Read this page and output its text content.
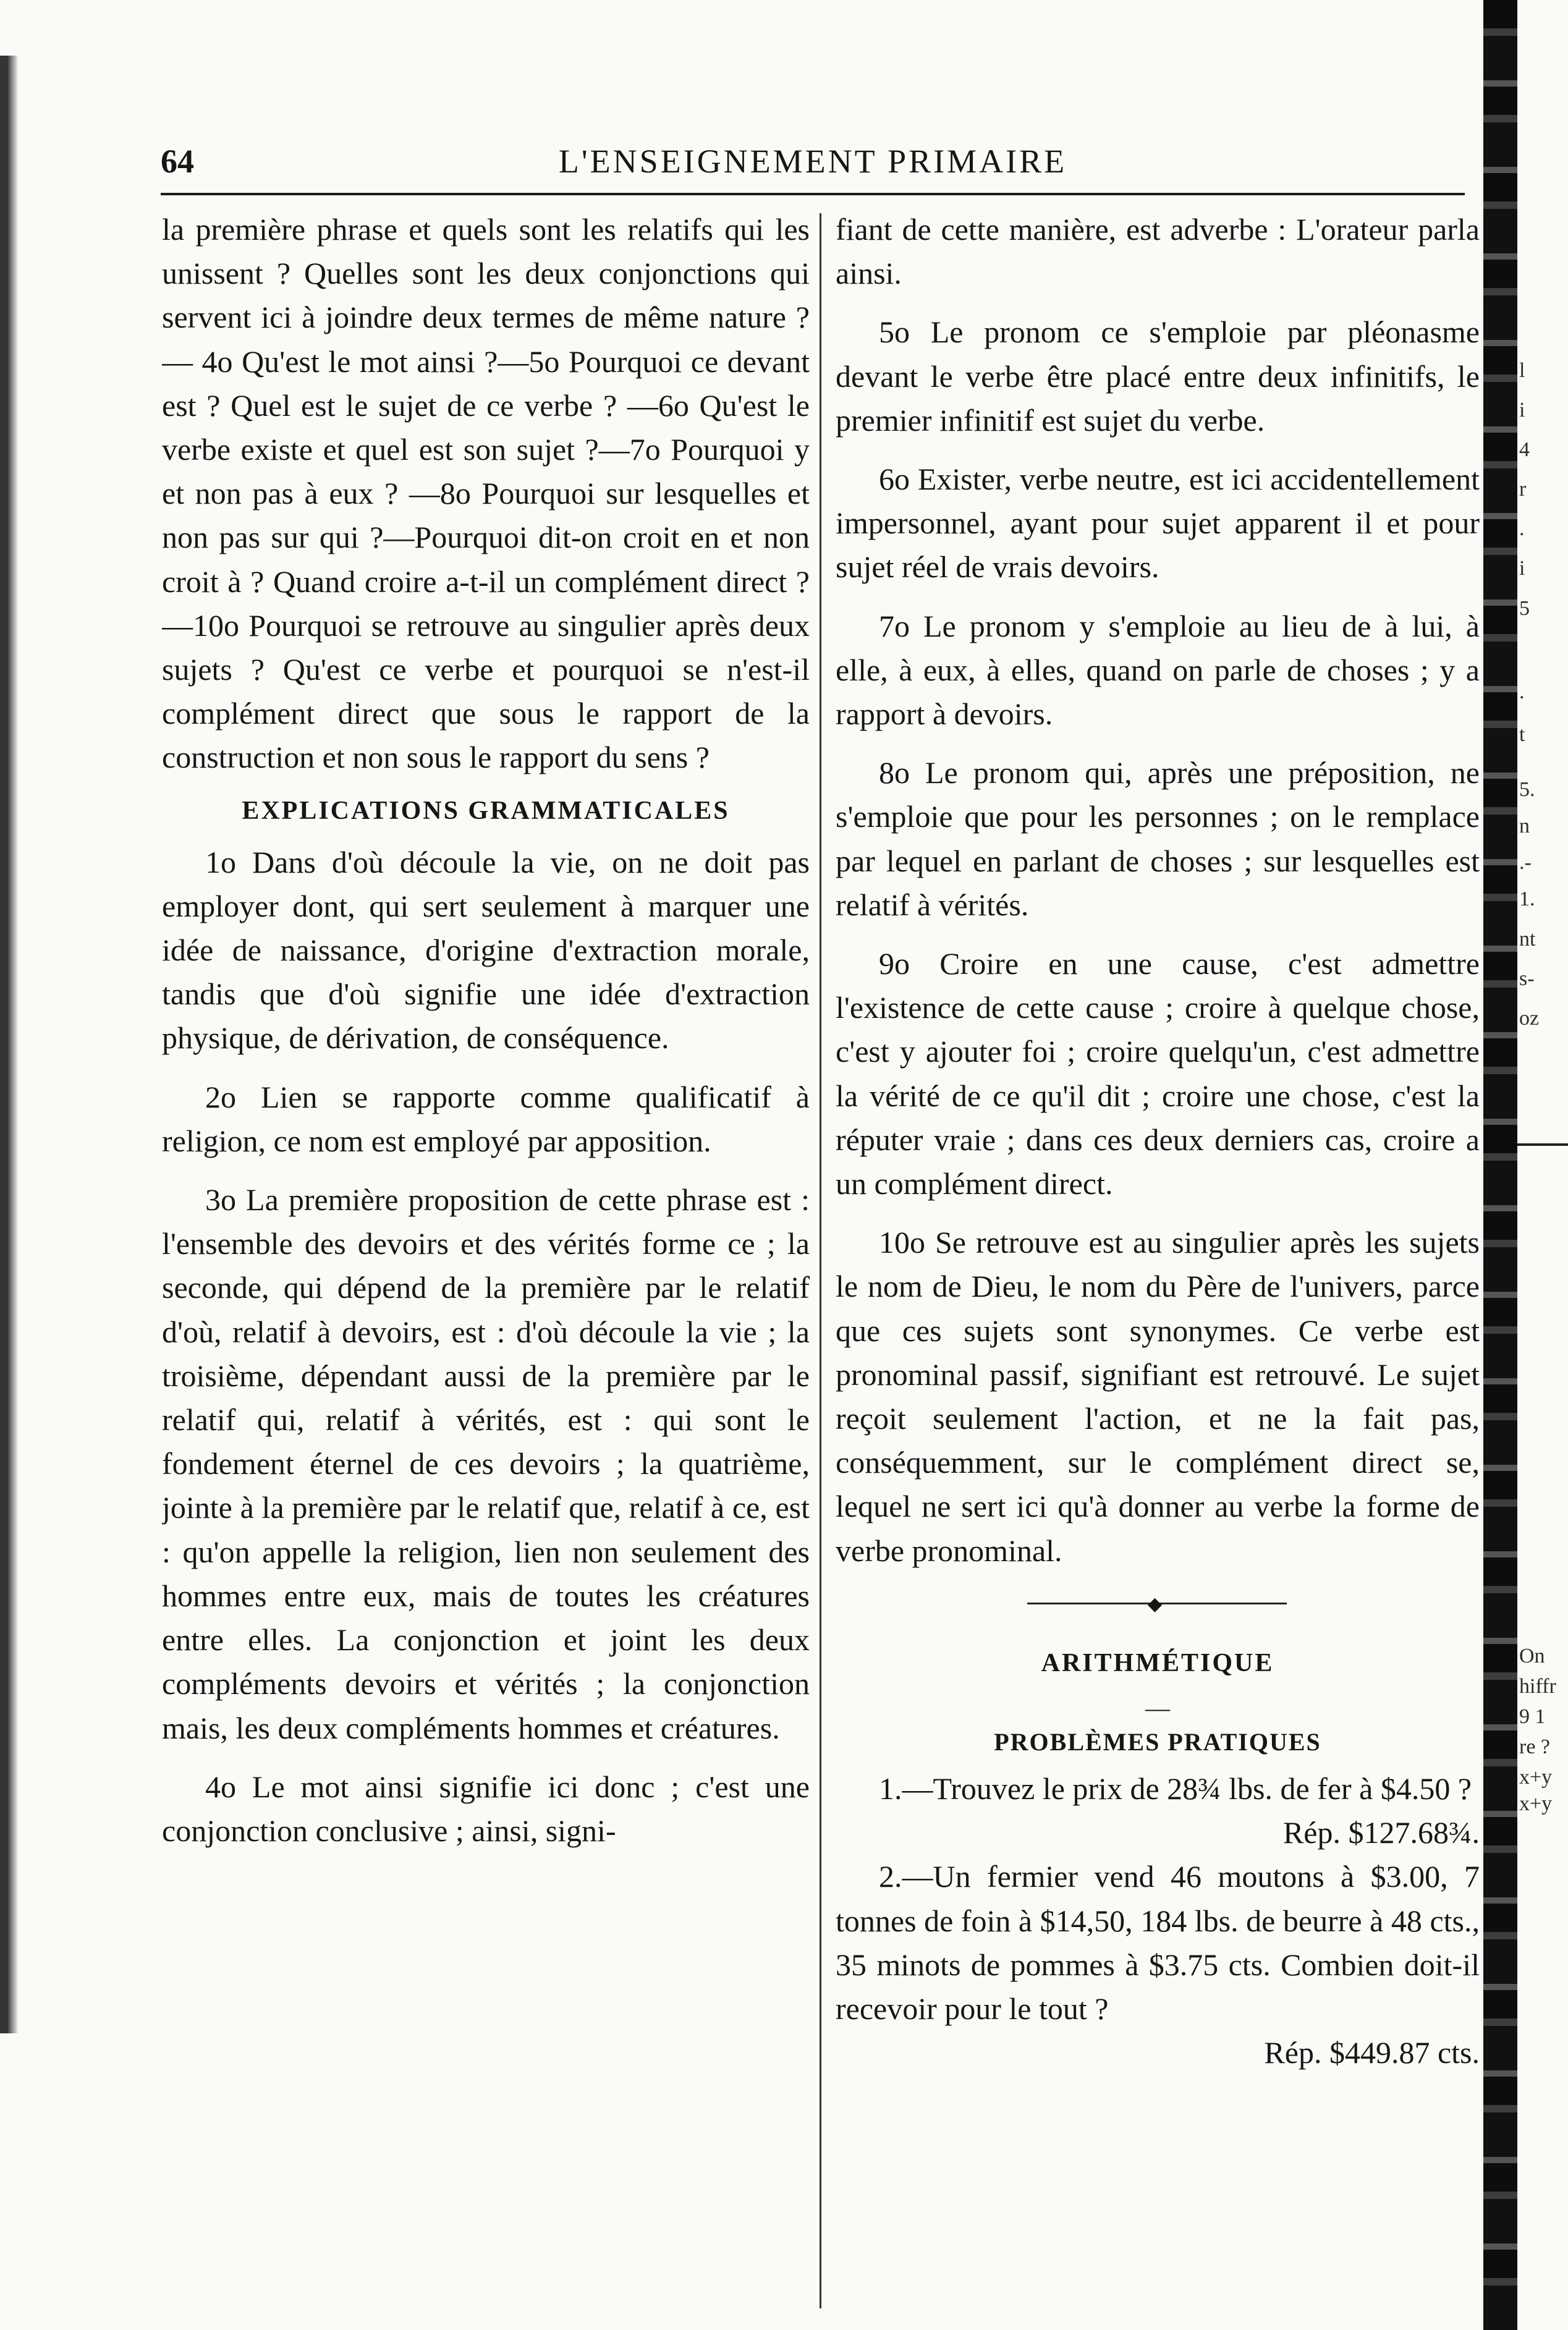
64	L'ENSEIGNEMENT PRIMAIRE

la première phrase et quels sont les relatifs qui les unissent ? Quelles sont les deux conjonctions qui servent ici à joindre deux termes de même nature ?— 4o Qu'est le mot ainsi ?—5o Pourquoi ce devant est ? Quel est le sujet de ce verbe ? —6o Qu'est le verbe existe et quel est son sujet ?—7o Pourquoi y et non pas à eux ? —8o Pourquoi sur lesquelles et non pas sur qui ?—Pourquoi dit-on croit en et non croit à ? Quand croire a-t-il un complément direct ?—10o Pourquoi se retrouve au singulier après deux sujets ? Qu'est ce verbe et pourquoi se n'est-il complément direct que sous le rapport de la construction et non sous le rapport du sens ?

EXPLICATIONS GRAMMATICALES

1o Dans d'où découle la vie, on ne doit pas employer dont, qui sert seulement à marquer une idée de naissance, d'origine d'extraction morale, tandis que d'où signifie une idée d'extraction physique, de dérivation, de conséquence.

2o Lien se rapporte comme qualificatif à religion, ce nom est employé par apposition.

3o La première proposition de cette phrase est : l'ensemble des devoirs et des vérités forme ce ; la seconde, qui dépend de la première par le relatif d'où, relatif à devoirs, est : d'où découle la vie ; la troisième, dépendant aussi de la première par le relatif qui, relatif à vérités, est : qui sont le fondement éternel de ces devoirs ; la quatrième, jointe à la première par le relatif que, relatif à ce, est : qu'on appelle la religion, lien non seulement des hommes entre eux, mais de toutes les créatures entre elles. La conjonction et joint les deux compléments devoirs et vérités ; la conjonction mais, les deux compléments hommes et créatures.

4o Le mot ainsi signifie ici donc ; c'est une conjonction conclusive ; ainsi, signi-

fiant de cette manière, est adverbe : L'orateur parla ainsi.

5o Le pronom ce s'emploie par pléonasme devant le verbe être placé entre deux infinitifs, le premier infinitif est sujet du verbe.

6o Exister, verbe neutre, est ici accidentellement impersonnel, ayant pour sujet apparent il et pour sujet réel de vrais devoirs.

7o Le pronom y s'emploie au lieu de à lui, à elle, à eux, à elles, quand on parle de choses ; y a rapport à devoirs.

8o Le pronom qui, après une préposition, ne s'emploie que pour les personnes ; on le remplace par lequel en parlant de choses ; sur lesquelles est relatif à vérités.

9o Croire en une cause, c'est admettre l'existence de cette cause ; croire à quelque chose, c'est y ajouter foi ; croire quelqu'un, c'est admettre la vérité de ce qu'il dit ; croire une chose, c'est la réputer vraie ; dans ces deux derniers cas, croire a un complément direct.

10o Se retrouve est au singulier après les sujets le nom de Dieu, le nom du Père de l'univers, parce que ces sujets sont synonymes. Ce verbe est pronominal passif, signifiant est retrouvé. Le sujet reçoit seulement l'action, et ne la fait pas, conséquemment, sur le complément direct se, lequel ne sert ici qu'à donner au verbe la forme de verbe pronominal.

◆
ARITHMÉTIQUE
—
PROBLÈMES PRATIQUES

1.—Trouvez le prix de 28¾ lbs. de fer à $4.50 ?

Rép. $127.68¾.

2.—Un fermier vend 46 moutons à $3.00, 7 tonnes de foin à $14,50, 184 lbs. de beurre à 48 cts., 35 minots de pommes à $3.75 cts. Combien doit-il recevoir pour le tout ?

Rép. $449.87 cts.
l
i
4
r
.
i
5
.
t
5.
n
.-
1.
nt
s-
oz
On
hiffr
9 1
re ?
x+y
x+y
